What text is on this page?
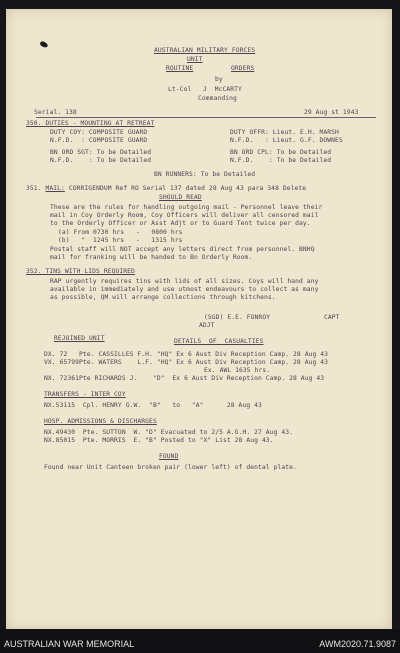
AUSTRALIAN MILITARY FORCES
UNIT
ROUTINE	ORDERS
by
Lt-Col   J  McCARTY
Commanding
Serial. 138	29 Aug st 1943
350. DUTIES - MOUNTING AT RETREAT
DUTY COY: COMPOSITE GUARD	DUTY OFFR: Lieut. E.H. MARSH
N.F.D.  : COMPOSITE GUARD	N.F.D.   : Lieut. G.F. DOWNES
BN ORD SGT: To be Detailed	BN ORD CPL: To be Detailed
N.F.D.    : To be Detailed	N.F.D.    : To be Detailed
BN RUNNERS: To be Detailed
351. MAIL: CORRIGENDUM Ref RO Serial 137 dated 28 Aug 43 para 348 Delete
SHOULD READ
These are the rules for handling outgoing mail - Personnel leave their
mail in Coy Orderly Room, Coy Officers will deliver all censored mail
to the Orderly Officer or Asst Adjt or to Guard Tent twice per day.
(a) From 0730 hrs   -   0800 hrs
(b)   "  1245 hrs   -   1315 hrs
Postal staff will NOT accept any letters direct from personnel. BNHQ
mail for franking will be handed to Bn Orderly Room.
352. TINS WITH LIDS REQUIRED
RAP urgently requires tins with lids of all sizes. Coys will hand any
available in immediately and use utmost endeavours to collect as many
as possible, QM will arrange collections through kitchens.
(SGD) E.E. FONROY	CAPT
ADJT
REJOINED UNIT	DETAILS  OF  CASUALTIES
DX. 72   Pte. CASSILLES F.H. "HQ" Ex 6 Aust Div Reception Camp. 28 Aug 43
VX. 65799Pte. WATERS    L.F. "HQ" Ex 6 Aust Div Reception Camp. 28 Aug 43
Ex. AWL 1635 hrs.
NX. 72361Pte RICHARDS J.    "D"  Ex 6 Aust Div Reception Camp. 28 Aug 43
TRANSFERS - INTER COY
NX.53115  Cpl. HENRY G.W.  "B"   to   "A"      28 Aug 43
HOSP. ADMISSIONS & DISCHARGES
NX.49430  Pte. SUTTON  W. "D" Evacuated to 2/5 A.G.H. 27 Aug 43.
NX.85015  Pte. MORRIS  E. "B" Posted to "X" List 28 Aug 43.
FOUND
Found near Unit Canteen broken pair (lower left) of dental plate.
AUSTRALIAN WAR MEMORIAL	AWM2020.71.9087
